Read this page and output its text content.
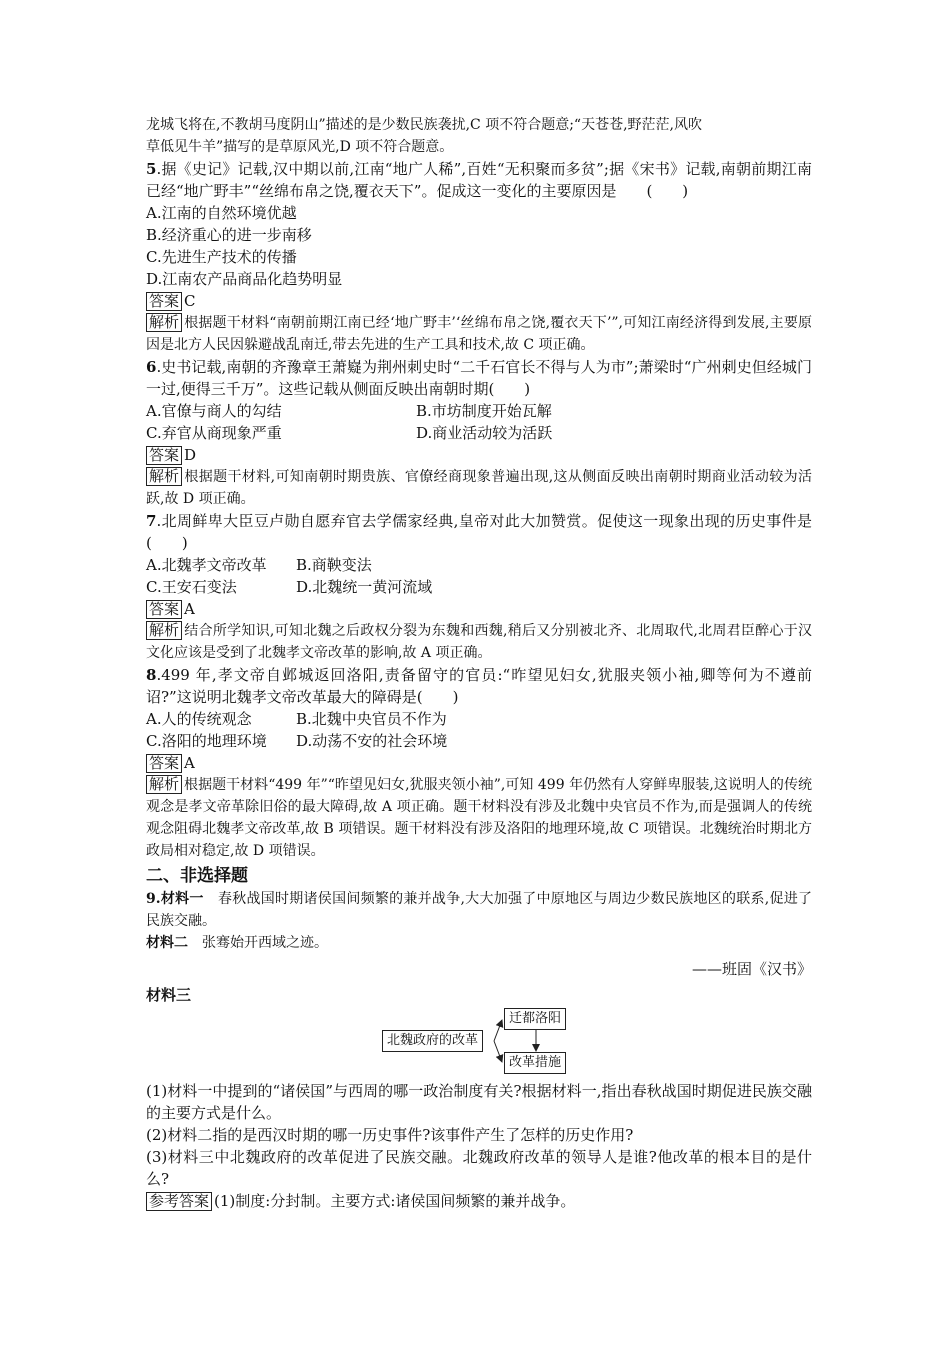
龙城飞将在,不教胡马度阴山”描述的是少数民族袭扰,C 项不符合题意;“天苍苍,野茫茫,风吹

草低见牛羊”描写的是草原风光,D 项不符合题意。

5.据《史记》记载,汉中期以前,江南“地广人稀”,百姓“无积聚而多贫”;据《宋书》记载,南朝前期江南已经“地广野丰”“丝绵布帛之饶,覆衣天下”。促成这一变化的主要原因是　　(　　)

A.江南的自然环境优越
B.经济重心的进一步南移
C.先进生产技术的传播
D.江南农产品商品化趋势明显

答案 C

解析 根据题干材料“南朝前期江南已经‘地广野丰’‘丝绵布帛之饶,覆衣天下’”,可知江南经济得到发展,主要原因是北方人民因躲避战乱南迁,带去先进的生产工具和技术,故 C 项正确。

6.史书记载,南朝的齐豫章王萧嶷为荆州刺史时“二千石官长不得与人为市”;萧梁时“广州刺史但经城门一过,便得三千万”。这些记载从侧面反映出南朝时期(　　)

A.官僚与商人的勾结	B.市坊制度开始瓦解
C.弃官从商现象严重	D.商业活动较为活跃

答案 D

解析 根据题干材料,可知南朝时期贵族、官僚经商现象普遍出现,这从侧面反映出南朝时期商业活动较为活跃,故 D 项正确。

7.北周鲜卑大臣豆卢勋自愿弃官去学儒家经典,皇帝对此大加赞赏。促使这一现象出现的历史事件是(　　)

A.北魏孝文帝改革	B.商鞅变法
C.王安石变法	D.北魏统一黄河流域

答案 A

解析 结合所学知识,可知北魏之后政权分裂为东魏和西魏,稍后又分别被北齐、北周取代,北周君臣醉心于汉文化应该是受到了北魏孝文帝改革的影响,故 A 项正确。

8.499 年,孝文帝自邺城返回洛阳,责备留守的官员:“昨望见妇女,犹服夹领小袖,卿等何为不遵前诏?”这说明北魏孝文帝改革最大的障碍是(　　)

A.人的传统观念	B.北魏中央官员不作为
C.洛阳的地理环境	D.动荡不安的社会环境

答案 A

解析 根据题干材料“499 年”“昨望见妇女,犹服夹领小袖”,可知 499 年仍然有人穿鲜卑服装,这说明人的传统观念是孝文帝革除旧俗的最大障碍,故 A 项正确。题干材料没有涉及北魏中央官员不作为,而是强调人的传统观念阻碍北魏孝文帝改革,故 B 项错误。题干材料没有涉及洛阳的地理环境,故 C 项错误。北魏统治时期北方政局相对稳定,故 D 项错误。

二、非选择题

9.材料一　春秋战国时期诸侯国间频繁的兼并战争,大大加强了中原地区与周边少数民族地区的联系,促进了民族交融。

材料二　张骞始开西域之迹。

——班固《汉书》

材料三

北魏政府的改革
迁都洛阳
改革措施

(1)材料一中提到的“诸侯国”与西周的哪一政治制度有关?根据材料一,指出春秋战国时期促进民族交融的主要方式是什么。

(2)材料二指的是西汉时期的哪一历史事件?该事件产生了怎样的历史作用?

(3)材料三中北魏政府的改革促进了民族交融。北魏政府改革的领导人是谁?他改革的根本目的是什么?

参考答案 (1)制度:分封制。主要方式:诸侯国间频繁的兼并战争。
